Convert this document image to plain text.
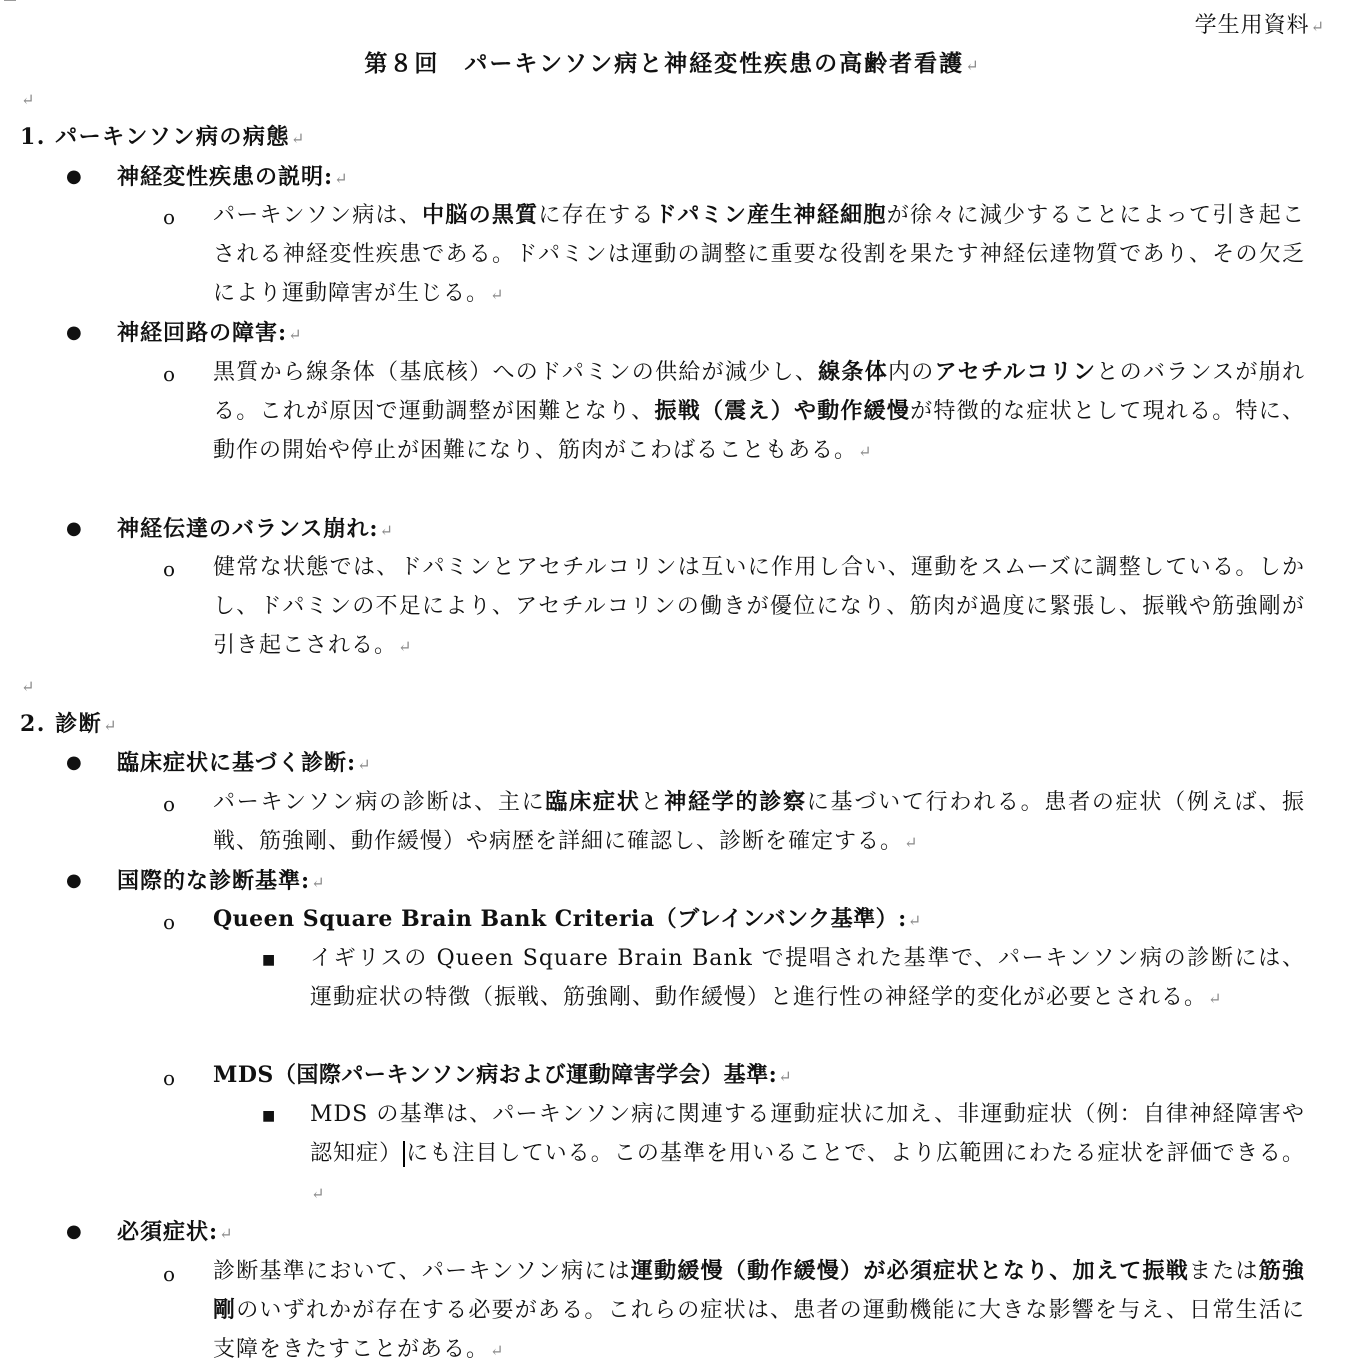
学生用資料↵
第８回　パーキンソン病と神経変性疾患の高齢者看護↵
↵
1. パーキンソン病の病態↵
● 神経変性疾患の説明:↵
o パーキンソン病は、中脳の黒質に存在するドパミン産生神経細胞が徐々に減少することによって引き起こされる神経変性疾患である。ドパミンは運動の調整に重要な役割を果たす神経伝達物質であり、その欠乏により運動障害が生じる。↵
● 神経回路の障害:↵
o 黒質から線条体（基底核）へのドパミンの供給が減少し、線条体内のアセチルコリンとのバランスが崩れる。これが原因で運動調整が困難となり、振戦（震え）や動作緩慢が特徴的な症状として現れる。特に、動作の開始や停止が困難になり、筋肉がこわばることもある。↵
● 神経伝達のバランス崩れ:↵
o 健常な状態では、ドパミンとアセチルコリンは互いに作用し合い、運動をスムーズに調整している。しかし、ドパミンの不足により、アセチルコリンの働きが優位になり、筋肉が過度に緊張し、振戦や筋強剛が引き起こされる。↵
↵
2. 診断↵
● 臨床症状に基づく診断:↵
o パーキンソン病の診断は、主に臨床症状と神経学的診察に基づいて行われる。患者の症状（例えば、振戦、筋強剛、動作緩慢）や病歴を詳細に確認し、診断を確定する。↵
● 国際的な診断基準:↵
o Queen Square Brain Bank Criteria（ブレインバンク基準）:↵
■ イギリスの Queen Square Brain Bank で提唱された基準で、パーキンソン病の診断には、運動症状の特徴（振戦、筋強剛、動作緩慢）と進行性の神経学的変化が必要とされる。↵
o MDS（国際パーキンソン病および運動障害学会）基準:↵
■ MDS の基準は、パーキンソン病に関連する運動症状に加え、非運動症状（例：自律神経障害や認知症） にも注目している。この基準を用いることで、より広範囲にわたる症状を評価できる。↵
● 必須症状:↵
o 診断基準において、パーキンソン病には運動緩慢（動作緩慢）が必須症状となり、加えて振戦または筋強剛のいずれかが存在する必要がある。これらの症状は、患者の運動機能に大きな影響を与え、日常生活に支障をきたすことがある。↵
